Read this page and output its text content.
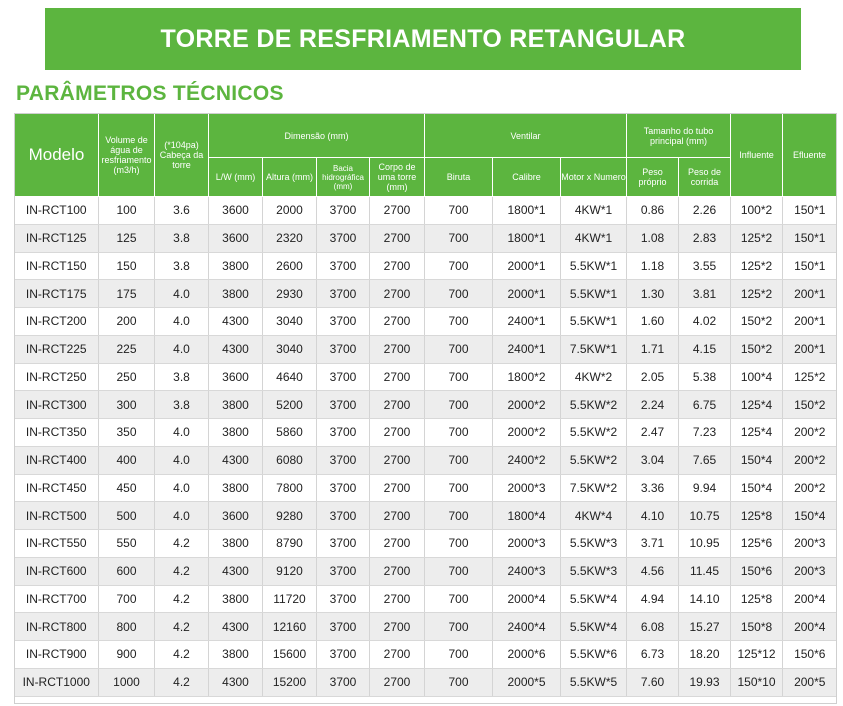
TORRE DE RESFRIAMENTO RETANGULAR
PARÂMETROS TÉCNICOS
Modelo	Volume de água de resfriamento (m3/h)	(*104pa) Cabeça da torre	Dimensão (mm)				Ventilar			Tamanho do tubo principal (mm)		Influente	Efluente
			L/W (mm)	Altura (mm)	Bacia hidrográfica (mm)	Corpo de uma torre (mm)	Biruta	Calibre	Motor x Numero	Peso próprio	Peso de corrida		
IN-RCT100	100	3.6	3600	2000	3700	2700	700	1800*1	4KW*1	0.86	2.26	100*2	150*1
IN-RCT125	125	3.8	3600	2320	3700	2700	700	1800*1	4KW*1	1.08	2.83	125*2	150*1
IN-RCT150	150	3.8	3800	2600	3700	2700	700	2000*1	5.5KW*1	1.18	3.55	125*2	150*1
IN-RCT175	175	4.0	3800	2930	3700	2700	700	2000*1	5.5KW*1	1.30	3.81	125*2	200*1
IN-RCT200	200	4.0	4300	3040	3700	2700	700	2400*1	5.5KW*1	1.60	4.02	150*2	200*1
IN-RCT225	225	4.0	4300	3040	3700	2700	700	2400*1	7.5KW*1	1.71	4.15	150*2	200*1
IN-RCT250	250	3.8	3600	4640	3700	2700	700	1800*2	4KW*2	2.05	5.38	100*4	125*2
IN-RCT300	300	3.8	3800	5200	3700	2700	700	2000*2	5.5KW*2	2.24	6.75	125*4	150*2
IN-RCT350	350	4.0	3800	5860	3700	2700	700	2000*2	5.5KW*2	2.47	7.23	125*4	200*2
IN-RCT400	400	4.0	4300	6080	3700	2700	700	2400*2	5.5KW*2	3.04	7.65	150*4	200*2
IN-RCT450	450	4.0	3800	7800	3700	2700	700	2000*3	7.5KW*2	3.36	9.94	150*4	200*2
IN-RCT500	500	4.0	3600	9280	3700	2700	700	1800*4	4KW*4	4.10	10.75	125*8	150*4
IN-RCT550	550	4.2	3800	8790	3700	2700	700	2000*3	5.5KW*3	3.71	10.95	125*6	200*3
IN-RCT600	600	4.2	4300	9120	3700	2700	700	2400*3	5.5KW*3	4.56	11.45	150*6	200*3
IN-RCT700	700	4.2	3800	11720	3700	2700	700	2000*4	5.5KW*4	4.94	14.10	125*8	200*4
IN-RCT800	800	4.2	4300	12160	3700	2700	700	2400*4	5.5KW*4	6.08	15.27	150*8	200*4
IN-RCT900	900	4.2	3800	15600	3700	2700	700	2000*6	5.5KW*6	6.73	18.20	125*12	150*6
IN-RCT1000	1000	4.2	4300	15200	3700	2700	700	2000*5	5.5KW*5	7.60	19.93	150*10	200*5
